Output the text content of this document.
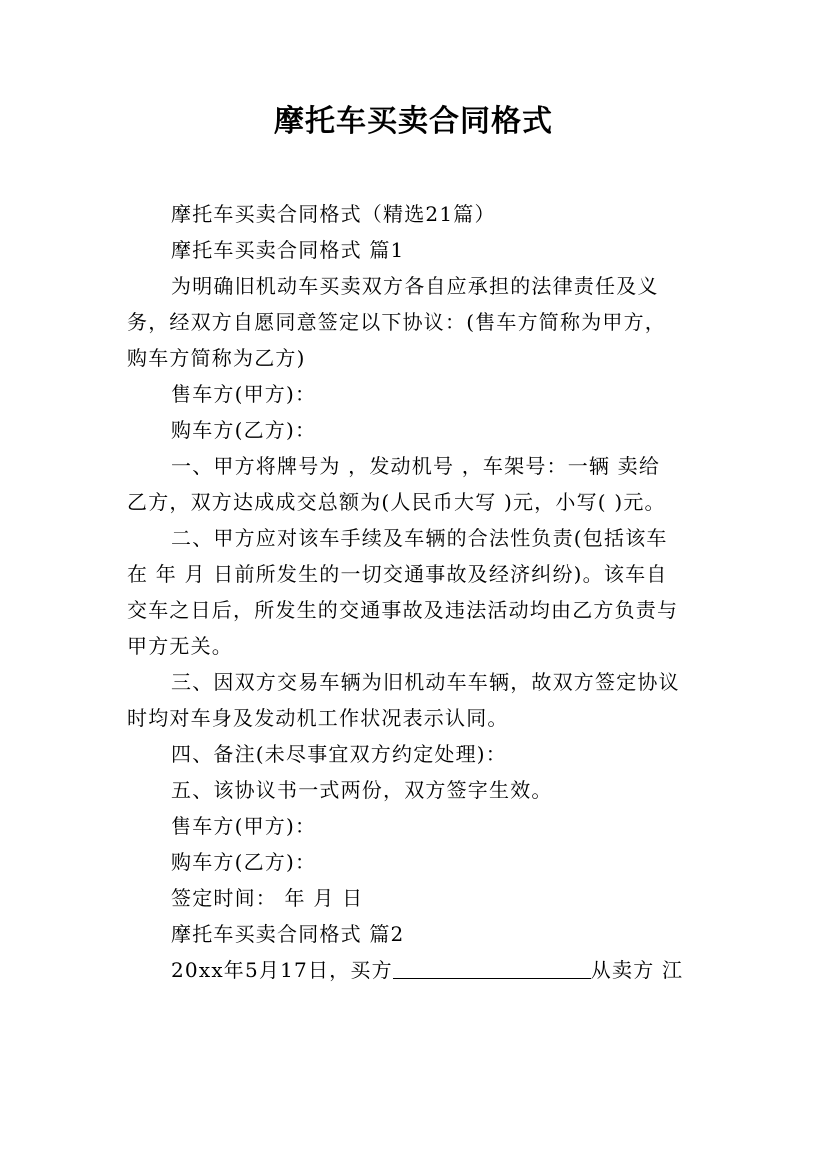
摩托车买卖合同格式
摩托车买卖合同格式（精选21篇）
摩托车买卖合同格式 篇1
为明确旧机动车买卖双方各自应承担的法律责任及义
务，经双方自愿同意签定以下协议：(售车方简称为甲方，
购车方简称为乙方)
售车方(甲方)：
购车方(乙方)：
一、甲方将牌号为 ，发动机号 ，车架号：一辆 卖给
乙方，双方达成成交总额为(人民币大写 )元，小写( )元。
二、甲方应对该车手续及车辆的合法性负责(包括该车
在 年 月 日前所发生的一切交通事故及经济纠纷)。该车自
交车之日后，所发生的交通事故及违法活动均由乙方负责与
甲方无关。
三、因双方交易车辆为旧机动车车辆，故双方签定协议
时均对车身及发动机工作状况表示认同。
四、备注(未尽事宜双方约定处理)：
五、该协议书一式两份，双方签字生效。
售车方(甲方)：
购车方(乙方)：
签定时间： 年 月 日
摩托车买卖合同格式 篇2
20xx年5月17日，买方	从卖方 江
